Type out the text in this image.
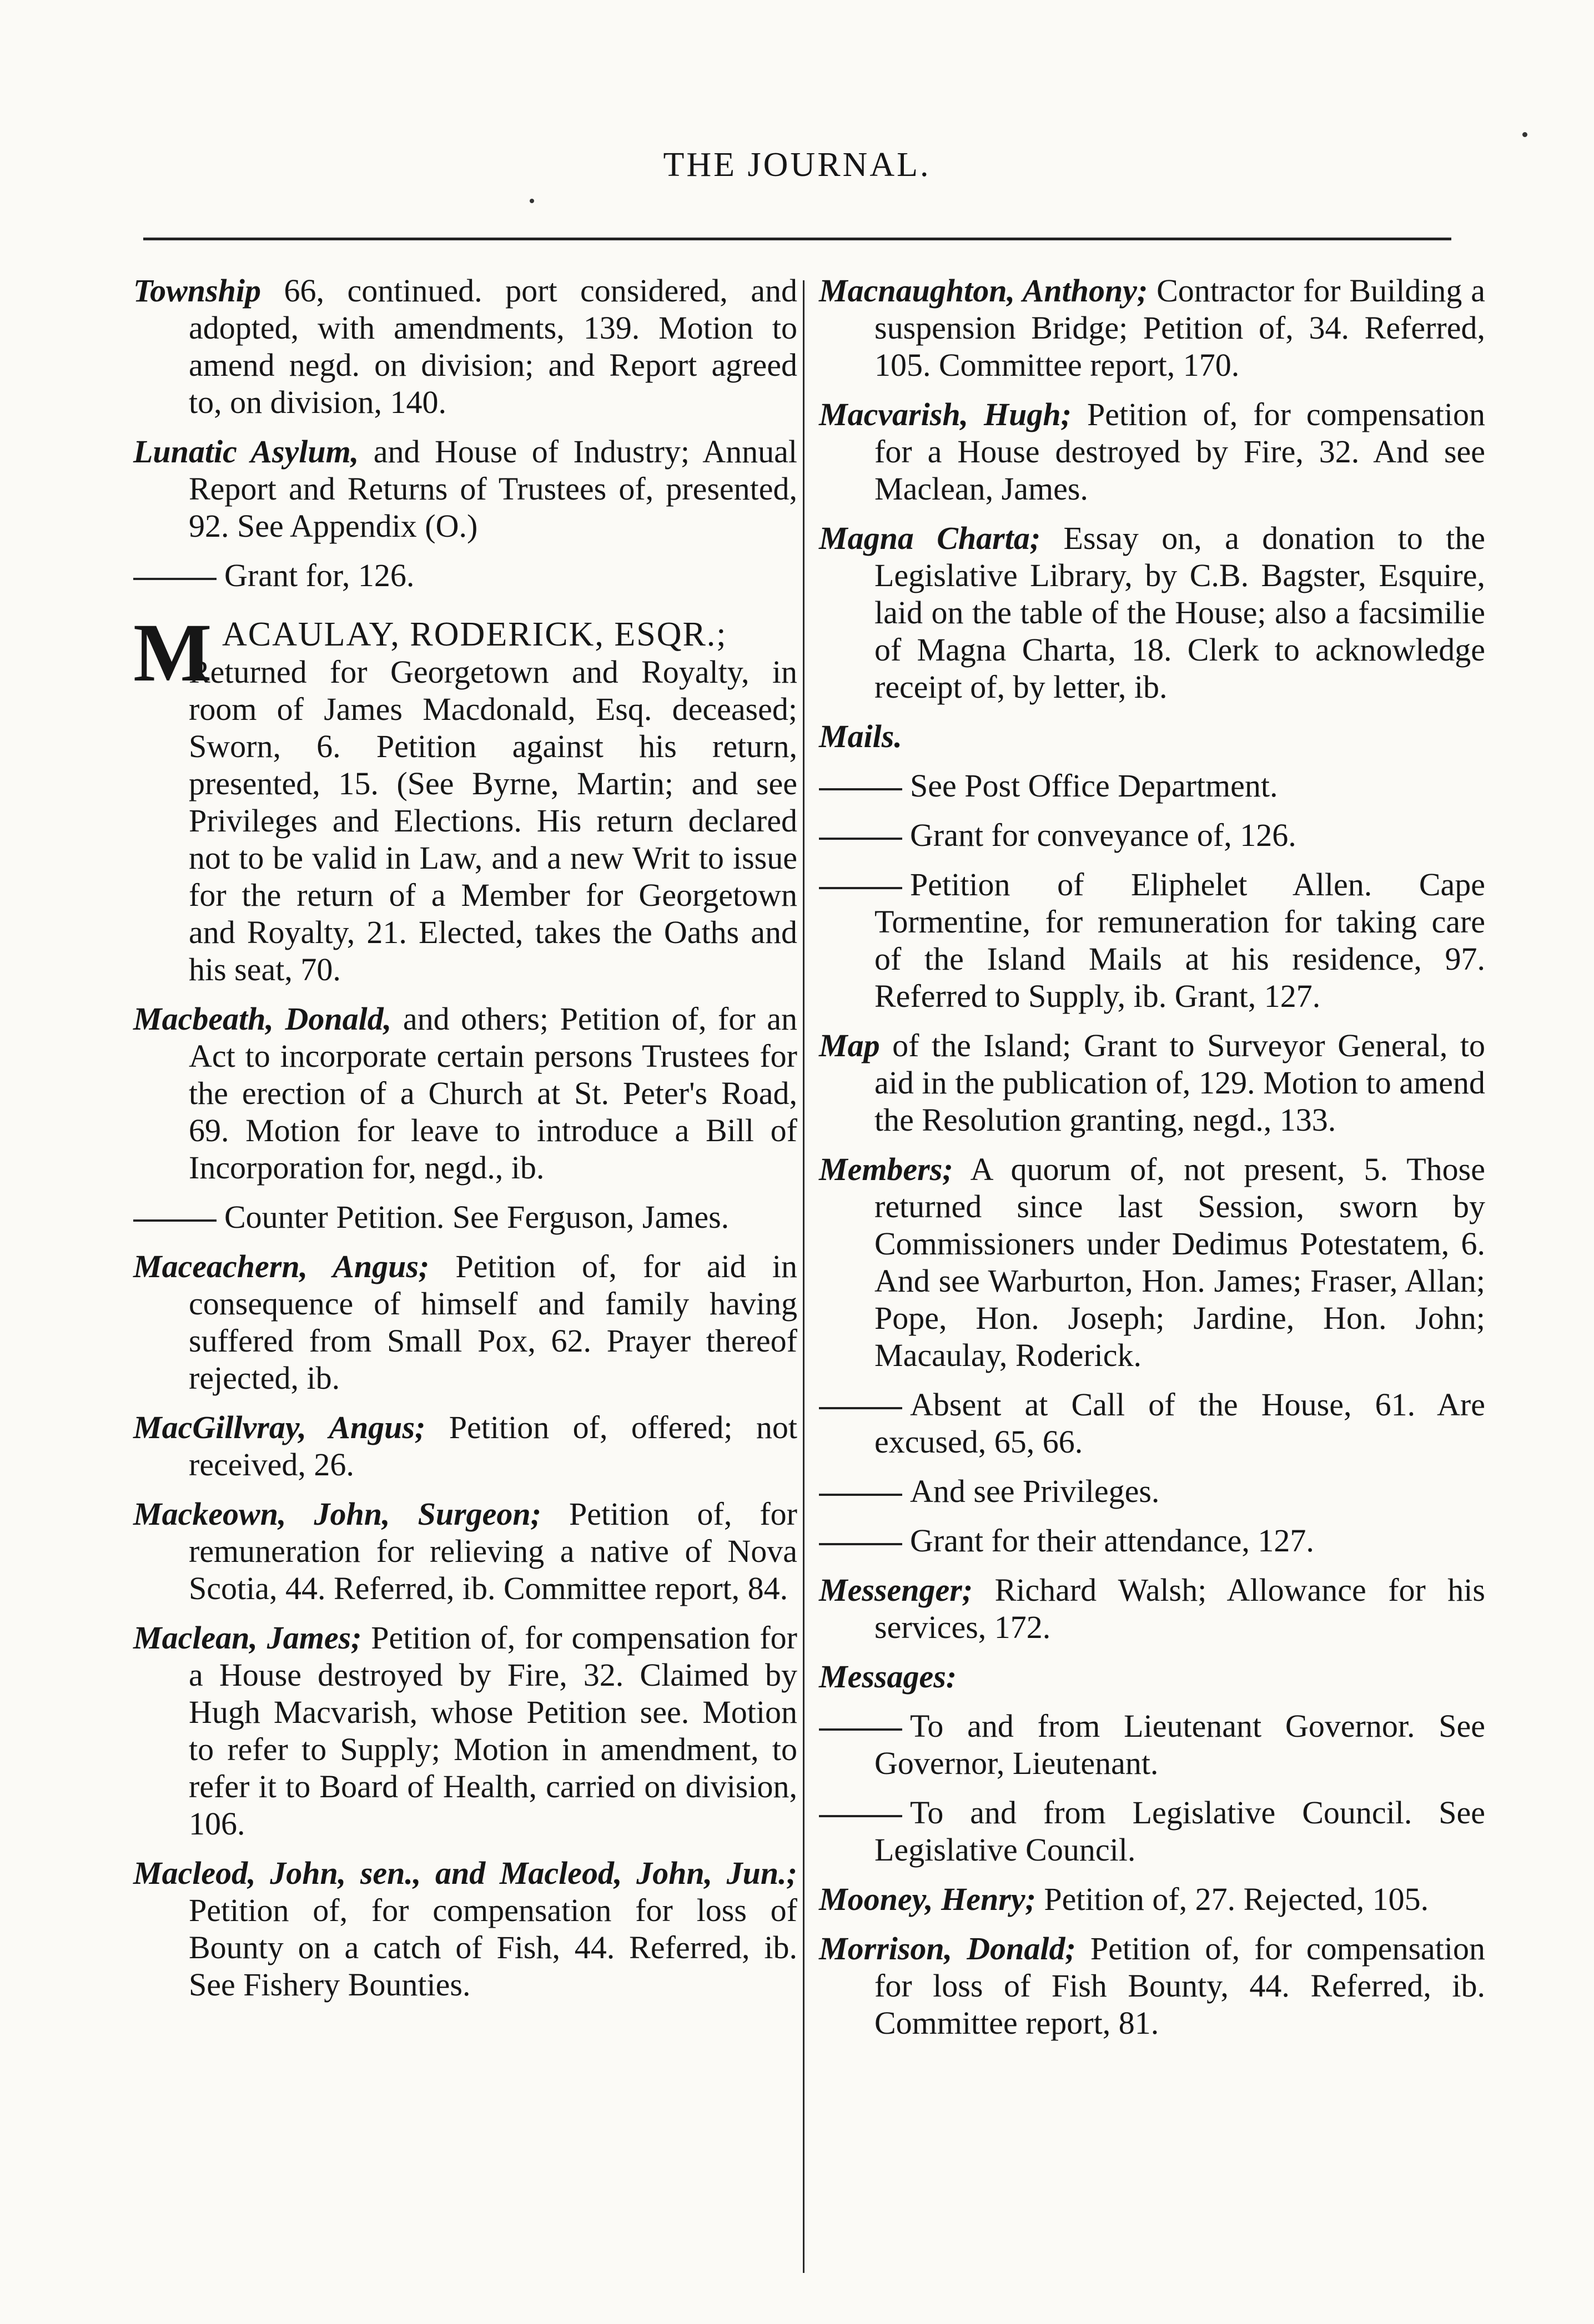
THE JOURNAL.
Township 66, continued. port considered, and adopted, with amendments, 139. Motion to amend negd. on division; and Report agreed to, on division, 140.
Lunatic Asylum, and House of Industry; Annual Report and Returns of Trustees of, presented, 92. See Appendix (O.)
Grant for, 126.
M ACAULAY, RODERICK, ESQR.;
Returned for Georgetown and Royalty, in room of James Macdonald, Esq. deceased; Sworn, 6. Petition against his return, presented, 15. (See Byrne, Martin; and see Privileges and Elections. His return declared not to be valid in Law, and a new Writ to issue for the return of a Member for Georgetown and Royalty, 21. Elected, takes the Oaths and his seat, 70.
Macbeath, Donald, and others; Petition of, for an Act to incorporate certain persons Trustees for the erection of a Church at St. Peter's Road, 69. Motion for leave to introduce a Bill of Incorporation for, negd., ib.
Counter Petition. See Ferguson, James.
Maceachern, Angus; Petition of, for aid in consequence of himself and family having suffered from Small Pox, 62. Prayer thereof rejected, ib.
MacGillvray, Angus; Petition of, offered; not received, 26.
Mackeown, John, Surgeon; Petition of, for remuneration for relieving a native of Nova Scotia, 44. Referred, ib. Committee report, 84.
Maclean, James; Petition of, for compensation for a House destroyed by Fire, 32. Claimed by Hugh Macvarish, whose Petition see. Motion to refer to Supply; Motion in amendment, to refer it to Board of Health, carried on division, 106.
Macleod, John, sen., and Macleod, John, Jun.; Petition of, for compensation for loss of Bounty on a catch of Fish, 44. Referred, ib. See Fishery Bounties.
Macnaughton, Anthony; Contractor for Building a suspension Bridge; Petition of, 34. Referred, 105. Committee report, 170.
Macvarish, Hugh; Petition of, for compensation for a House destroyed by Fire, 32. And see Maclean, James.
Magna Charta; Essay on, a donation to the Legislative Library, by C.B. Bagster, Esquire, laid on the table of the House; also a facsimilie of Magna Charta, 18. Clerk to acknowledge receipt of, by letter, ib.
Mails.
See Post Office Department.
Grant for conveyance of, 126.
Petition of Eliphelet Allen. Cape Tormentine, for remuneration for taking care of the Island Mails at his residence, 97. Referred to Supply, ib. Grant, 127.
Map of the Island; Grant to Surveyor General, to aid in the publication of, 129. Motion to amend the Resolution granting, negd., 133.
Members; A quorum of, not present, 5. Those returned since last Session, sworn by Commissioners under Dedimus Potestatem, 6. And see Warburton, Hon. James; Fraser, Allan; Pope, Hon. Joseph; Jardine, Hon. John; Macaulay, Roderick.
Absent at Call of the House, 61. Are excused, 65, 66.
And see Privileges.
Grant for their attendance, 127.
Messenger; Richard Walsh; Allowance for his services, 172.
Messages:
To and from Lieutenant Governor. See Governor, Lieutenant.
To and from Legislative Council. See Legislative Council.
Mooney, Henry; Petition of, 27. Rejected, 105.
Morrison, Donald; Petition of, for compensation for loss of Fish Bounty, 44. Referred, ib. Committee report, 81.
